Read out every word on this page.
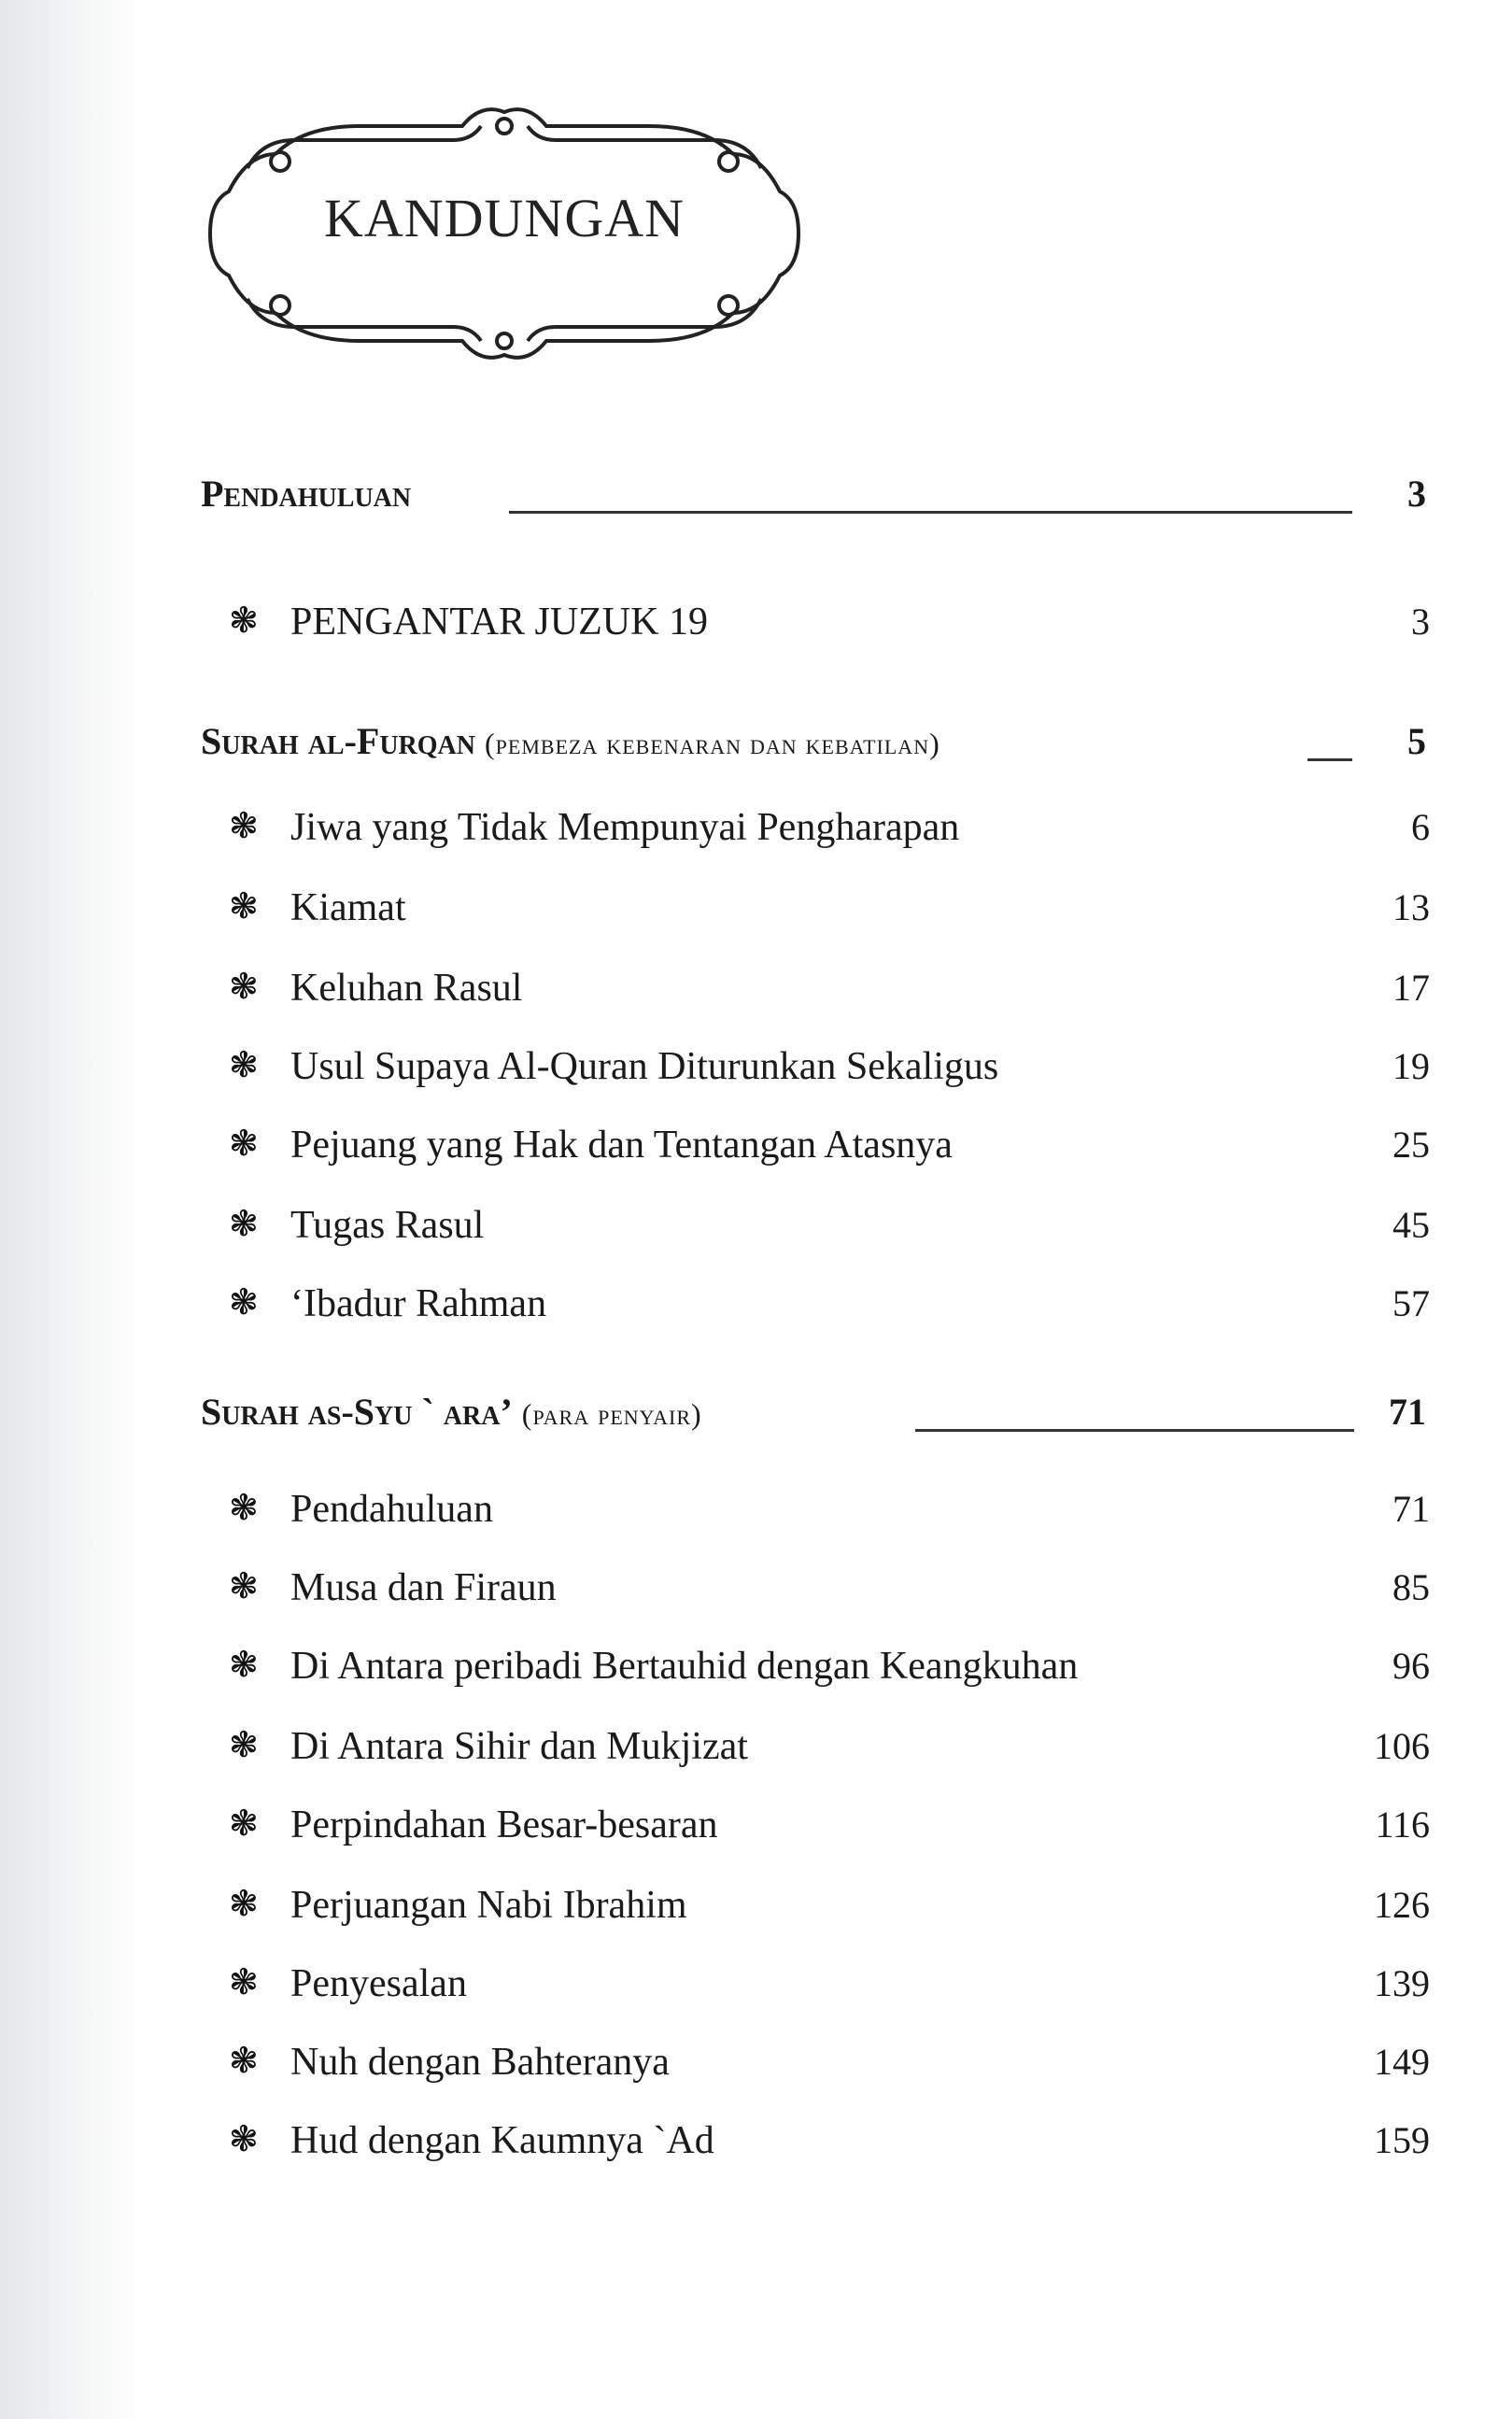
KANDUNGAN
Pendahuluan	3
❃ PENGANTAR JUZUK 19	3
Surah al-Furqan (pembeza kebenaran dan kebatilan)	5
❃ Jiwa yang Tidak Mempunyai Pengharapan	6
❃ Kiamat	13
❃ Keluhan Rasul	17
❃ Usul Supaya Al-Quran Diturunkan Sekaligus	19
❃ Pejuang yang Hak dan Tentangan Atasnya	25
❃ Tugas Rasul	45
❃ ‘Ibadur Rahman	57
Surah as-Syu ` ara’ (para penyair)	71
❃ Pendahuluan	71
❃ Musa dan Firaun	85
❃ Di Antara peribadi Bertauhid dengan Keangkuhan	96
❃ Di Antara Sihir dan Mukjizat	106
❃ Perpindahan Besar-besaran	116
❃ Perjuangan Nabi Ibrahim	126
❃ Penyesalan	139
❃ Nuh dengan Bahteranya	149
❃ Hud dengan Kaumnya `Ad	159
